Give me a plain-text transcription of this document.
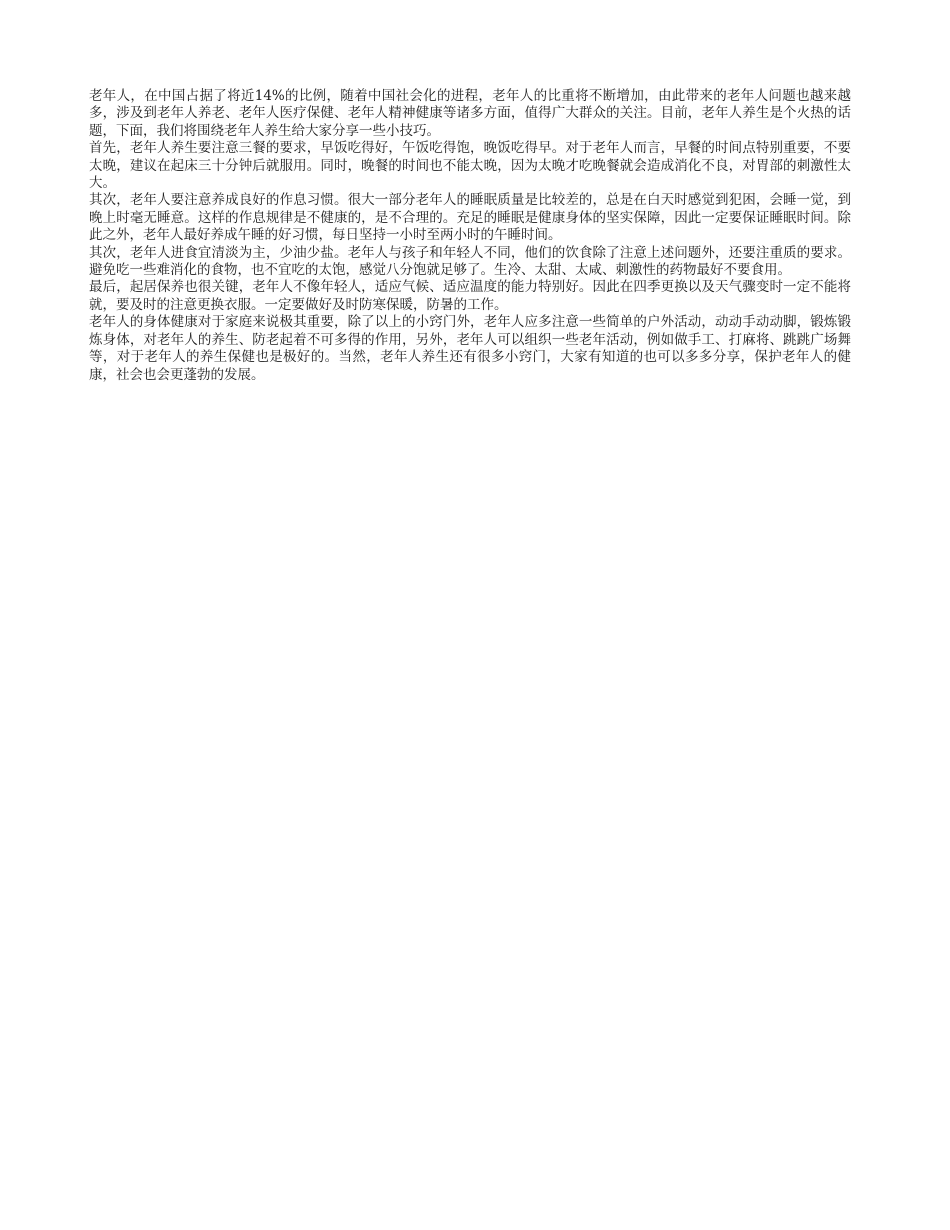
老年人，在中国占据了将近14%的比例，随着中国社会化的进程，老年人的比重将不断增加，由此带来的老年人问题也越来越多，涉及到老年人养老、老年人医疗保健、老年人精神健康等诸多方面，值得广大群众的关注。目前，老年人养生是个火热的话题，下面，我们将围绕老年人养生给大家分享一些小技巧。

首先，老年人养生要注意三餐的要求，早饭吃得好，午饭吃得饱，晚饭吃得早。对于老年人而言，早餐的时间点特别重要，不要太晚，建议在起床三十分钟后就服用。同时，晚餐的时间也不能太晚，因为太晚才吃晚餐就会造成消化不良，对胃部的刺激性太大。

其次，老年人要注意养成良好的作息习惯。很大一部分老年人的睡眠质量是比较差的，总是在白天时感觉到犯困，会睡一觉，到晚上时毫无睡意。这样的作息规律是不健康的，是不合理的。充足的睡眠是健康身体的坚实保障，因此一定要保证睡眠时间。除此之外，老年人最好养成午睡的好习惯，每日坚持一小时至两小时的午睡时间。

其次，老年人进食宜清淡为主，少油少盐。老年人与孩子和年轻人不同，他们的饮食除了注意上述问题外，还要注重质的要求。避免吃一些难消化的食物，也不宜吃的太饱，感觉八分饱就足够了。生冷、太甜、太咸、刺激性的药物最好不要食用。

最后，起居保养也很关键，老年人不像年轻人，适应气候、适应温度的能力特别好。因此在四季更换以及天气骤变时一定不能将就，要及时的注意更换衣服。一定要做好及时防寒保暖，防暑的工作。

老年人的身体健康对于家庭来说极其重要，除了以上的小窍门外，老年人应多注意一些简单的户外活动，动动手动动脚，锻炼锻炼身体，对老年人的养生、防老起着不可多得的作用，另外，老年人可以组织一些老年活动，例如做手工、打麻将、跳跳广场舞等，对于老年人的养生保健也是极好的。当然，老年人养生还有很多小窍门，大家有知道的也可以多多分享，保护老年人的健康，社会也会更蓬勃的发展。
